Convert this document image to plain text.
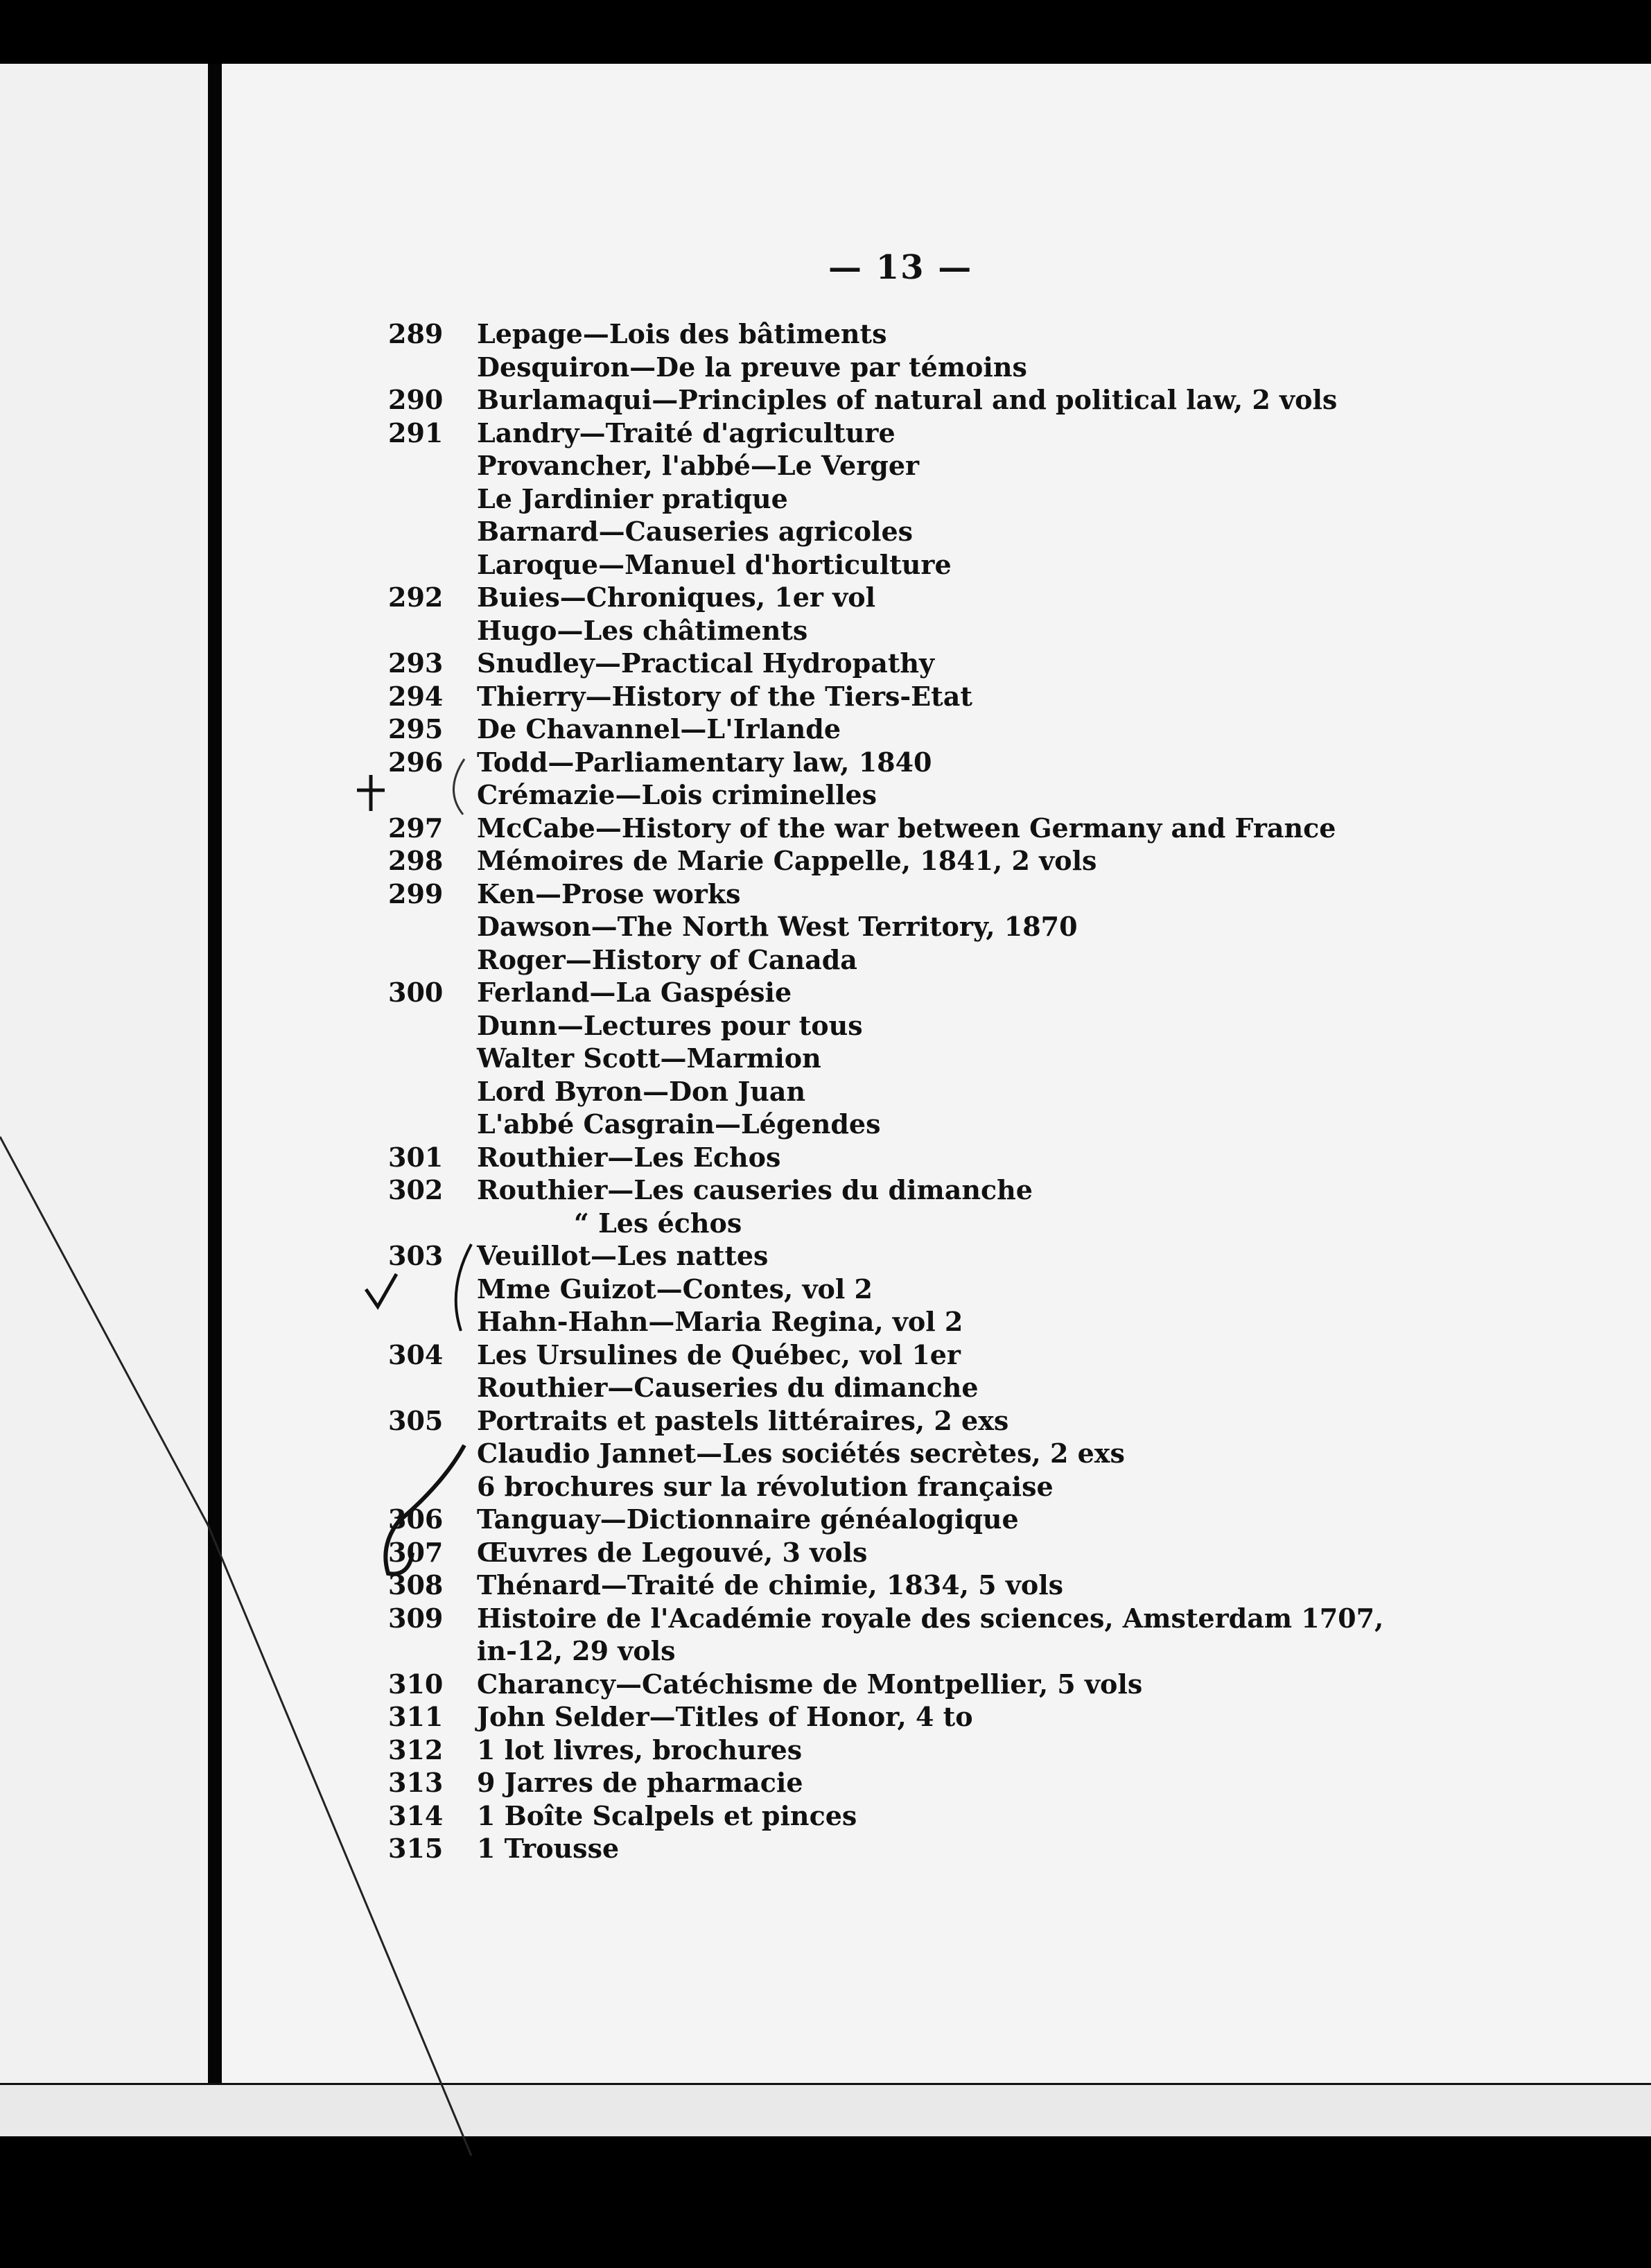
— 13 —
289	Lepage—Lois des bâtiments
Desquiron—De la preuve par témoins
290	Burlamaqui—Principles of natural and political law, 2 vols
291	Landry—Traité d'agriculture
Provancher, l'abbé—Le Verger
Le Jardinier pratique
Barnard—Causeries agricoles
Laroque—Manuel d'horticulture
292	Buies—Chroniques, 1er vol
Hugo—Les châtiments
293	Snudley—Practical Hydropathy
294	Thierry—History of the Tiers-Etat
295	De Chavannel—L'Irlande
296	Todd—Parliamentary law, 1840
Crémazie—Lois criminelles
297	McCabe—History of the war between Germany and France
298	Mémoires de Marie Cappelle, 1841, 2 vols
299	Ken—Prose works
Dawson—The North West Territory, 1870
Roger—History of Canada
300	Ferland—La Gaspésie
Dunn—Lectures pour tous
Walter Scott—Marmion
Lord Byron—Don Juan
L'abbé Casgrain—Légendes
301	Routhier—Les Echos
302	Routhier—Les causeries du dimanche
“ Les échos
303	Veuillot—Les nattes
Mme Guizot—Contes, vol 2
Hahn-Hahn—Maria Regina, vol 2
304	Les Ursulines de Québec, vol 1er
Routhier—Causeries du dimanche
305	Portraits et pastels littéraires, 2 exs
Claudio Jannet—Les sociétés secrètes, 2 exs
6 brochures sur la révolution française
306	Tanguay—Dictionnaire généalogique
307	Œuvres de Legouvé, 3 vols
308	Thénard—Traité de chimie, 1834, 5 vols
309	Histoire de l'Académie royale des sciences, Amsterdam 1707,
in-12, 29 vols
310	Charancy—Catéchisme de Montpellier, 5 vols
311	John Selder—Titles of Honor, 4 to
312	1 lot livres, brochures
313	9 Jarres de pharmacie
314	1 Boîte Scalpels et pinces
315	1 Trousse
